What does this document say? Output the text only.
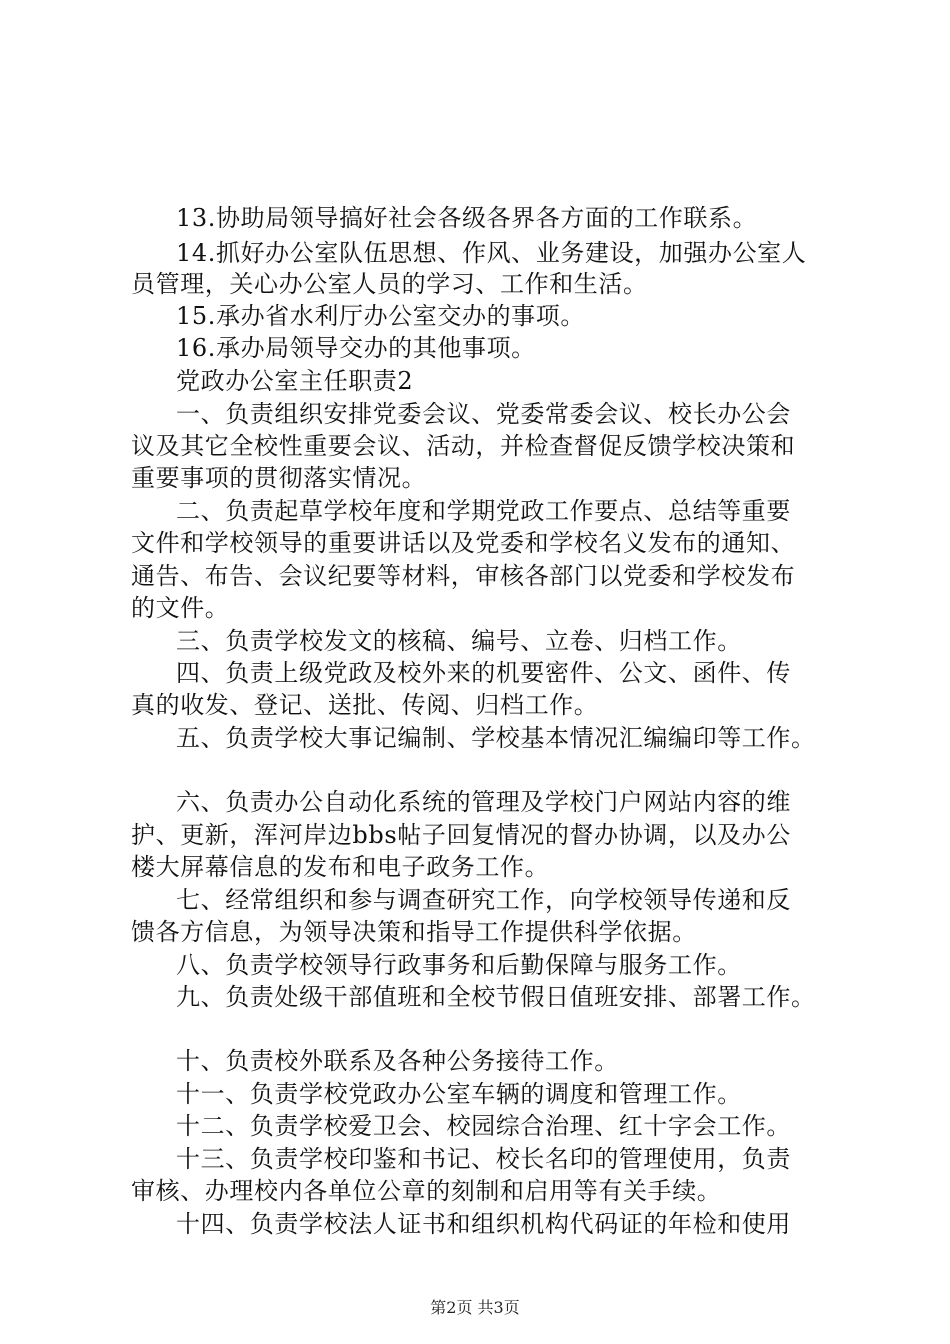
13.协助局领导搞好社会各级各界各方面的工作联系。
14.抓好办公室队伍思想、作风、业务建设，加强办公室人
员管理，关心办公室人员的学习、工作和生活。
15.承办省水利厅办公室交办的事项。
16.承办局领导交办的其他事项。
党政办公室主任职责2
一、负责组织安排党委会议、党委常委会议、校长办公会
议及其它全校性重要会议、活动，并检查督促反馈学校决策和
重要事项的贯彻落实情况。
二、负责起草学校年度和学期党政工作要点、总结等重要
文件和学校领导的重要讲话以及党委和学校名义发布的通知、
通告、布告、会议纪要等材料，审核各部门以党委和学校发布
的文件。
三、负责学校发文的核稿、编号、立卷、归档工作。
四、负责上级党政及校外来的机要密件、公文、函件、传
真的收发、登记、送批、传阅、归档工作。
五、负责学校大事记编制、学校基本情况汇编编印等工作。
六、负责办公自动化系统的管理及学校门户网站内容的维
护、更新，浑河岸边bbs帖子回复情况的督办协调，以及办公
楼大屏幕信息的发布和电子政务工作。
七、经常组织和参与调查研究工作，向学校领导传递和反
馈各方信息，为领导决策和指导工作提供科学依据。
八、负责学校领导行政事务和后勤保障与服务工作。
九、负责处级干部值班和全校节假日值班安排、部署工作。
十、负责校外联系及各种公务接待工作。
十一、负责学校党政办公室车辆的调度和管理工作。
十二、负责学校爱卫会、校园综合治理、红十字会工作。
十三、负责学校印鉴和书记、校长名印的管理使用，负责
审核、办理校内各单位公章的刻制和启用等有关手续。
十四、负责学校法人证书和组织机构代码证的年检和使用
第2页 共3页
